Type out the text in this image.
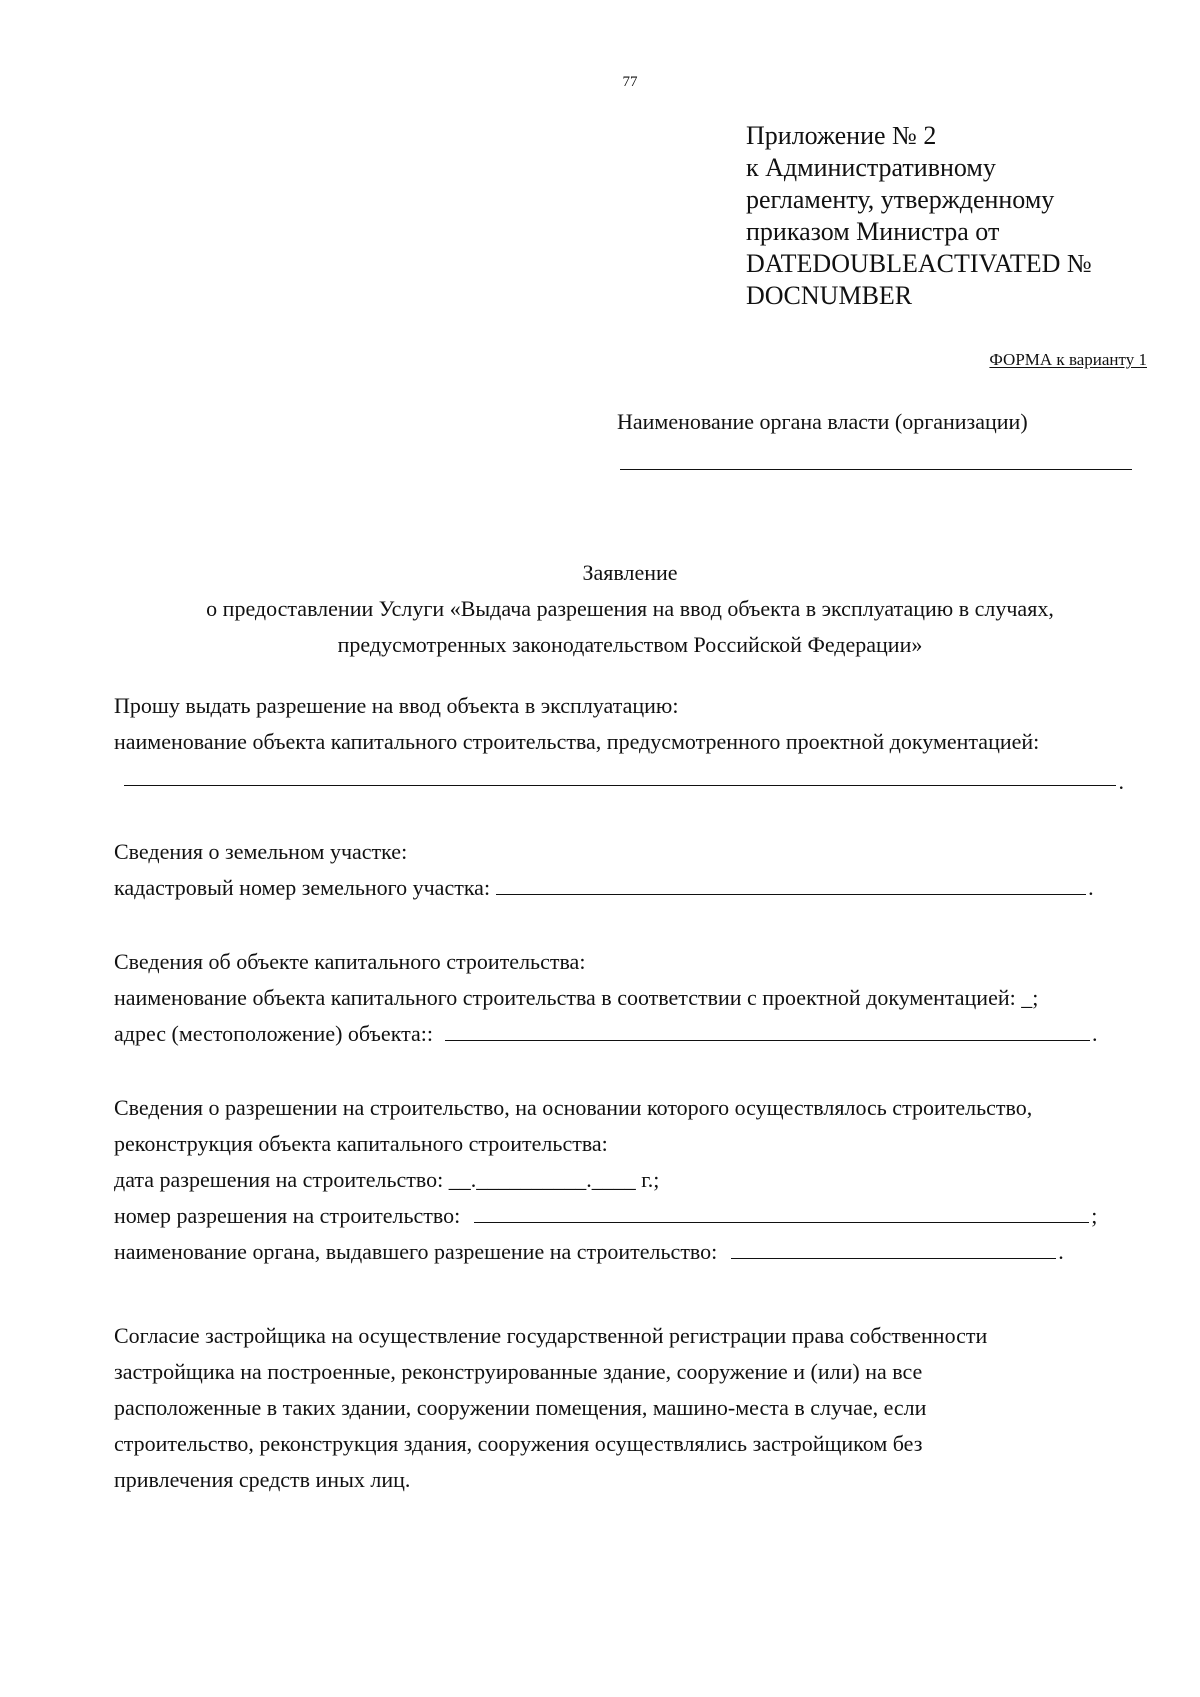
77
Приложение № 2
к Административному
регламенту, утвержденному
приказом Министра от
DATEDOUBLEACTIVATED №
DOCNUMBER
ФОРМА к варианту 1
Наименование органа власти (организации)
Заявление
о предоставлении Услуги «Выдача разрешения на ввод объекта в эксплуатацию в случаях,
предусмотренных законодательством Российской Федерации»
Прошу выдать разрешение на ввод объекта в эксплуатацию:
наименование объекта капитального строительства, предусмотренного проектной документацией:
.
Сведения о земельном участке:
кадастровый номер земельного участка:	.
Сведения об объекте капитального строительства:
наименование объекта капитального строительства в соответствии с проектной документацией: _;
адрес (местоположение) объекта::	.
Сведения о разрешении на строительство, на основании которого осуществлялось строительство,
реконструкция объекта капитального строительства:
дата разрешения на строительство: __.__________.____ г.;
номер разрешения на строительство:	;
наименование органа, выдавшего разрешение на строительство:	.
Согласие застройщика на осуществление государственной регистрации права собственности
застройщика на построенные, реконструированные здание, сооружение и (или) на все
расположенные в таких здании, сооружении помещения, машино-места в случае, если
строительство, реконструкция здания, сооружения осуществлялись застройщиком без
привлечения средств иных лиц.
